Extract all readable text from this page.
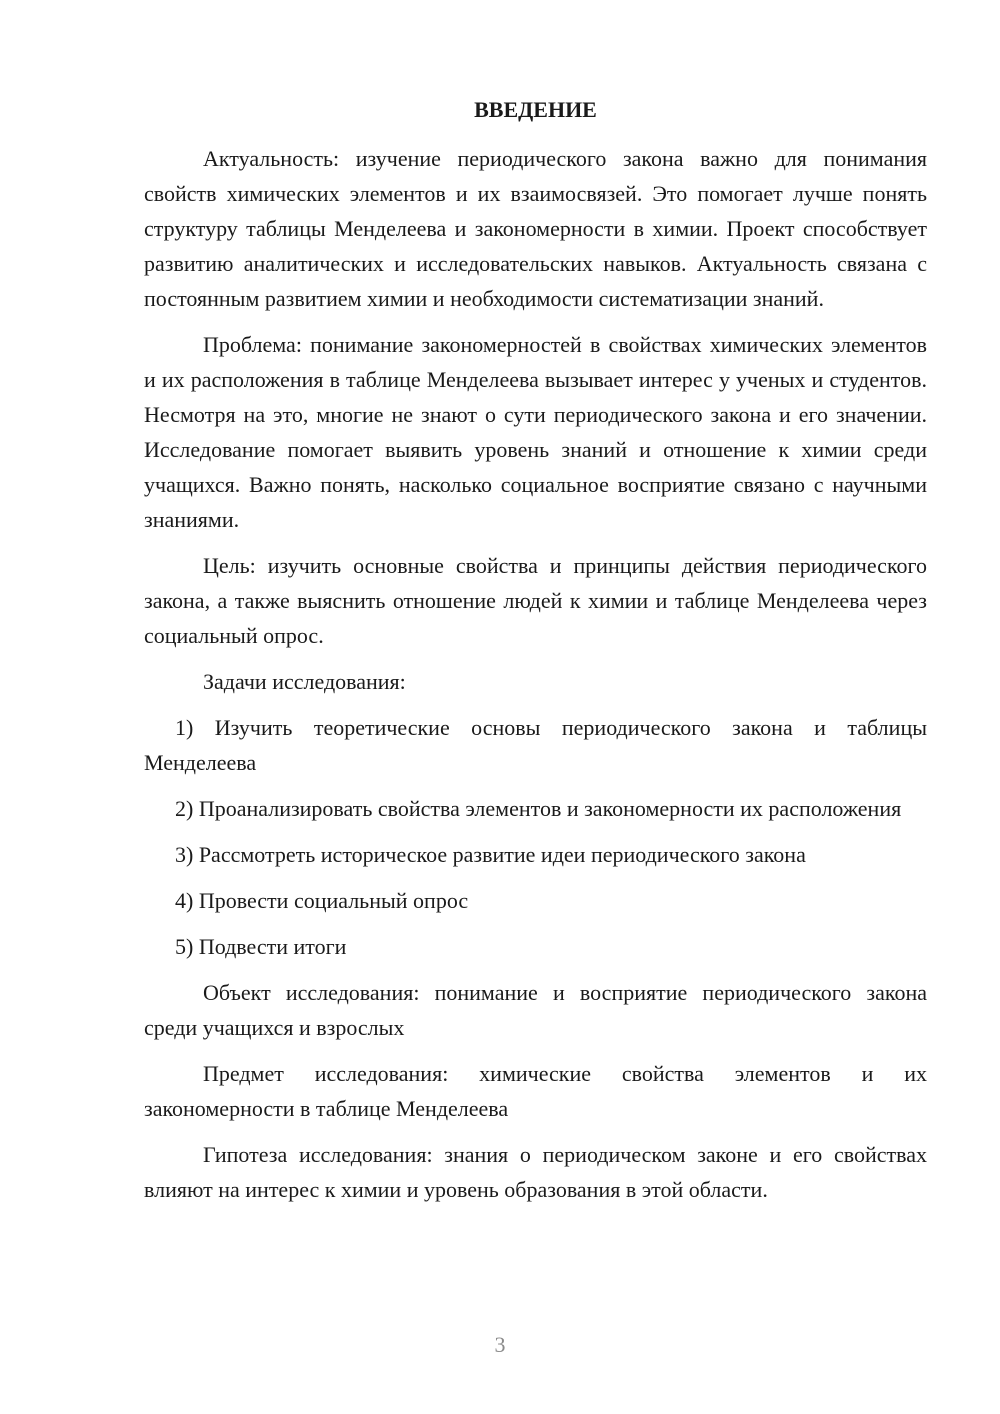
ВВЕДЕНИЕ

Актуальность: изучение периодического закона важно для понимания свойств химических элементов и их взаимосвязей. Это помогает лучше понять структуру таблицы Менделеева и закономерности в химии. Проект способствует развитию аналитических и исследовательских навыков. Актуальность связана с постоянным развитием химии и необходимости систематизации знаний.

Проблема: понимание закономерностей в свойствах химических элементов и их расположения в таблице Менделеева вызывает интерес у ученых и студентов. Несмотря на это, многие не знают о сути периодического закона и его значении. Исследование помогает выявить уровень знаний и отношение к химии среди учащихся. Важно понять, насколько социальное восприятие связано с научными знаниями.

Цель: изучить основные свойства и принципы действия периодического закона, а также выяснить отношение людей к химии и таблице Менделеева через социальный опрос.

Задачи исследования:

1) Изучить теоретические основы периодического закона и таблицы Менделеева

2) Проанализировать свойства элементов и закономерности их расположения

3) Рассмотреть историческое развитие идеи периодического закона

4) Провести социальный опрос

5) Подвести итоги

Объект исследования: понимание и восприятие периодического закона среди учащихся и взрослых

Предмет исследования: химические свойства элементов и их закономерности в таблице Менделеева

Гипотеза исследования: знания о периодическом законе и его свойствах влияют на интерес к химии и уровень образования в этой области.

3
